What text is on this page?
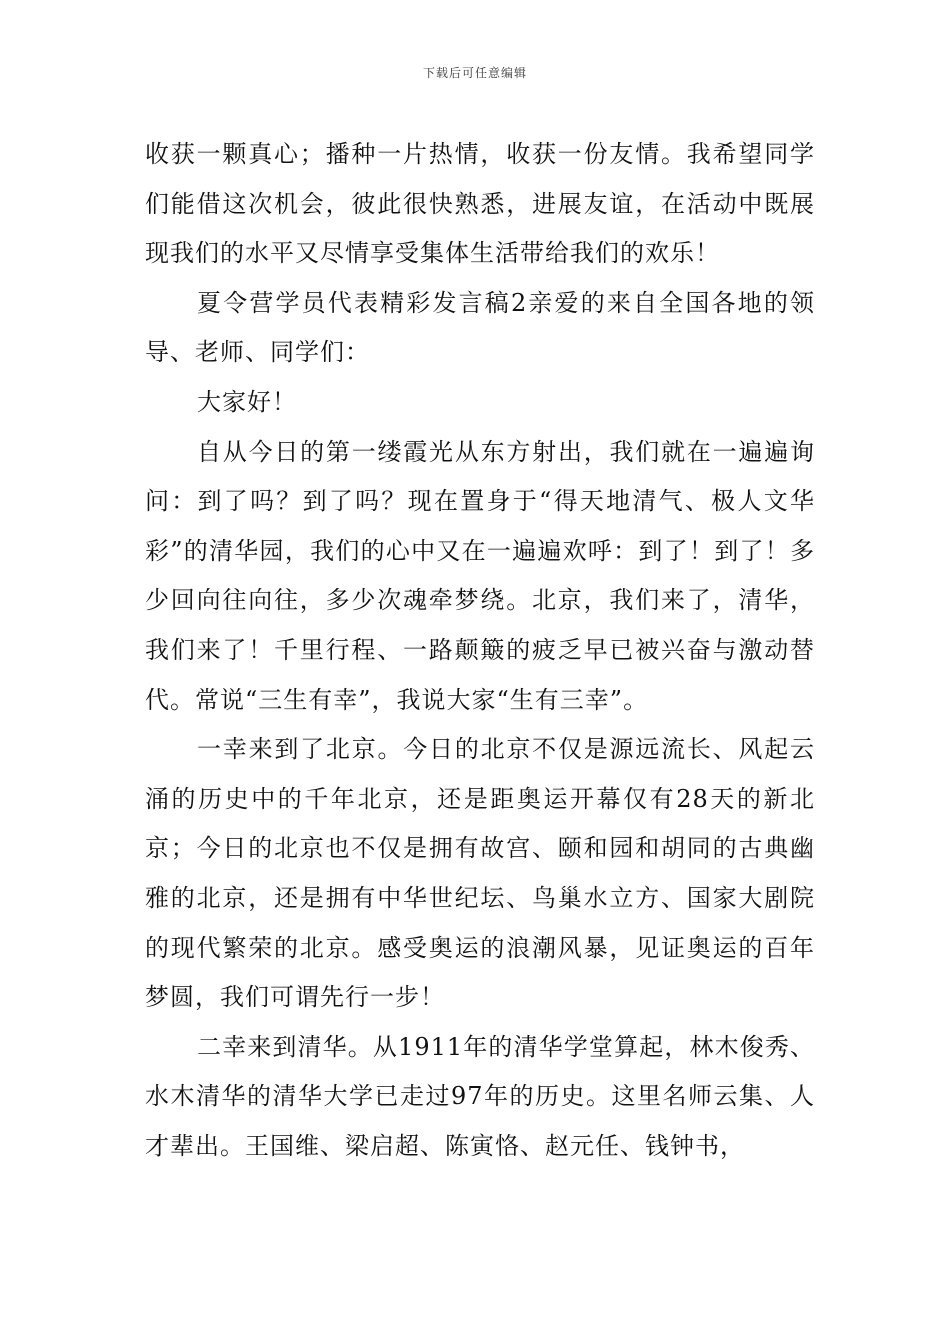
下载后可任意编辑

收获一颗真心；播种一片热情，收获一份友情。我希望同学们能借这次机会，彼此很快熟悉，进展友谊，在活动中既展现我们的水平又尽情享受集体生活带给我们的欢乐！

夏令营学员代表精彩发言稿2亲爱的来自全国各地的领导、老师、同学们：

大家好！

自从今日的第一缕霞光从东方射出，我们就在一遍遍询问：到了吗？到了吗？现在置身于“得天地清气、极人文华彩”的清华园，我们的心中又在一遍遍欢呼：到了！到了！多少回向往向往，多少次魂牵梦绕。北京，我们来了，清华，我们来了！千里行程、一路颠簸的疲乏早已被兴奋与激动替代。常说“三生有幸”，我说大家“生有三幸”。

一幸来到了北京。今日的北京不仅是源远流长、风起云涌的历史中的千年北京，还是距奥运开幕仅有28天的新北京；今日的北京也不仅是拥有故宫、颐和园和胡同的古典幽雅的北京，还是拥有中华世纪坛、鸟巢水立方、国家大剧院的现代繁荣的北京。感受奥运的浪潮风暴，见证奥运的百年梦圆，我们可谓先行一步！

二幸来到清华。从1911年的清华学堂算起，林木俊秀、水木清华的清华大学已走过97年的历史。这里名师云集、人才辈出。王国维、梁启超、陈寅恪、赵元任、钱钟书，
